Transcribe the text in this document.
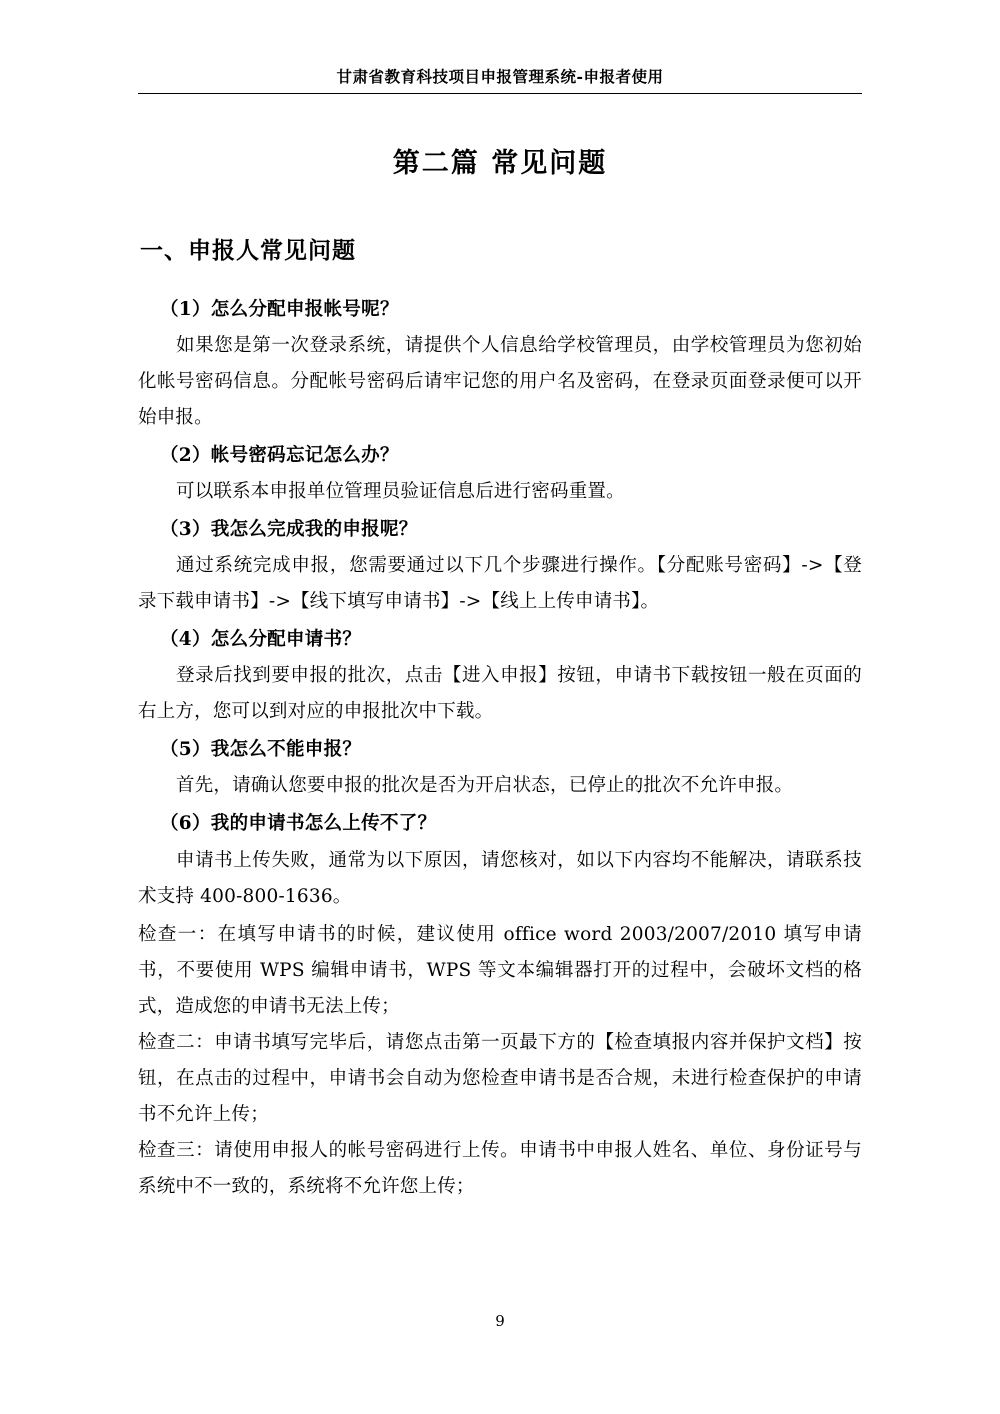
甘肃省教育科技项目申报管理系统-申报者使用
第二篇 常见问题
一、申报人常见问题
（1）怎么分配申报帐号呢？
如果您是第一次登录系统，请提供个人信息给学校管理员，由学校管理员为您初始化帐号密码信息。分配帐号密码后请牢记您的用户名及密码，在登录页面登录便可以开始申报。
（2）帐号密码忘记怎么办？
可以联系本申报单位管理员验证信息后进行密码重置。
（3）我怎么完成我的申报呢？
通过系统完成申报，您需要通过以下几个步骤进行操作。【分配账号密码】->【登录下载申请书】->【线下填写申请书】->【线上上传申请书】。
（4）怎么分配申请书？
登录后找到要申报的批次，点击【进入申报】按钮，申请书下载按钮一般在页面的右上方，您可以到对应的申报批次中下载。
（5）我怎么不能申报？
首先，请确认您要申报的批次是否为开启状态，已停止的批次不允许申报。
（6）我的申请书怎么上传不了？
申请书上传失败，通常为以下原因，请您核对，如以下内容均不能解决，请联系技术支持 400-800-1636。
检查一：在填写申请书的时候，建议使用 office word 2003/2007/2010 填写申请书，不要使用 WPS 编辑申请书，WPS 等文本编辑器打开的过程中，会破坏文档的格式，造成您的申请书无法上传；
检查二：申请书填写完毕后，请您点击第一页最下方的【检查填报内容并保护文档】按钮，在点击的过程中，申请书会自动为您检查申请书是否合规，未进行检查保护的申请书不允许上传；
检查三：请使用申报人的帐号密码进行上传。申请书中申报人姓名、单位、身份证号与系统中不一致的，系统将不允许您上传；
9
